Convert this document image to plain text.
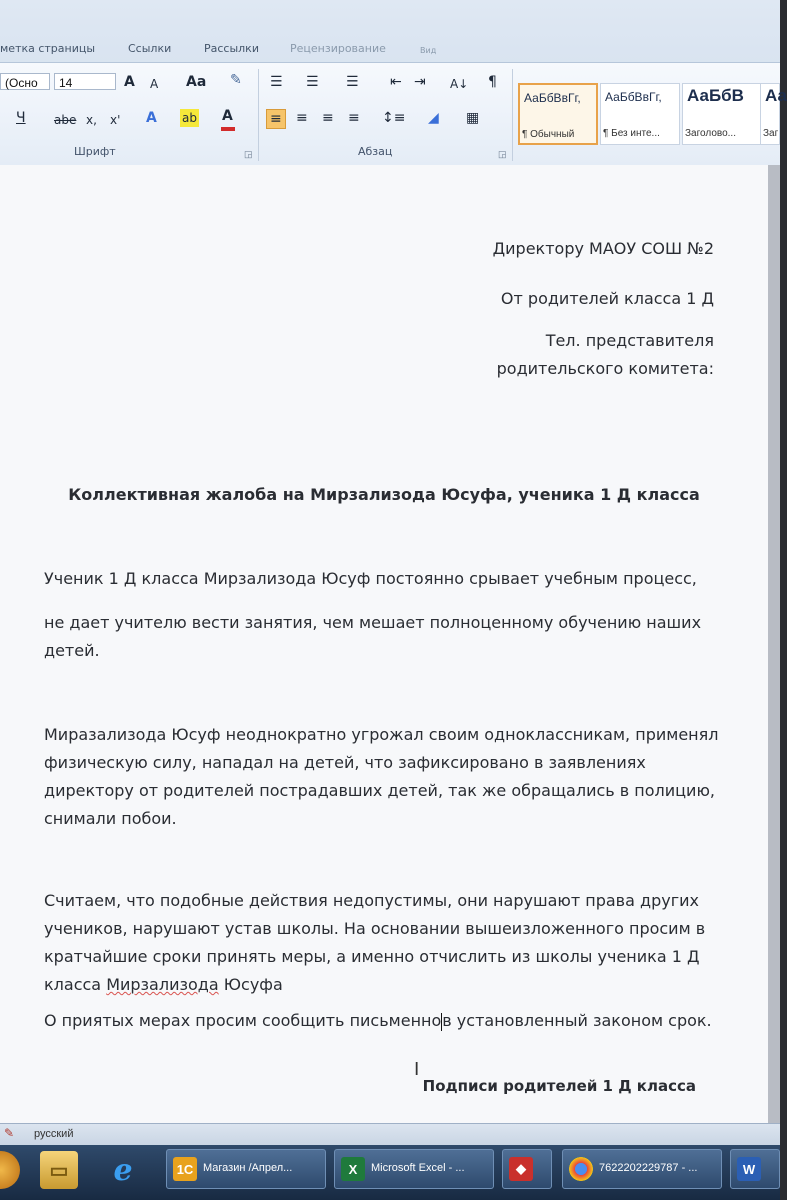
метка страницы	Ссылки	Рассылки	Рецензирование	Вид
(Осно	14	A A Aa ✎
Ч abe x, x' A ab A
Шрифт	◲
☰ ☰ ☰ ⇤ ⇥ A↓ ¶
≡ ≡ ≡ ≡ ↕≡ ◢ ▦
Абзац	◲
АаБбВвГг,
¶ Обычный
АаБбВвГг,
¶ Без инте...
АаБбВ
Заголово...
Аа
Заг
Директору МАОУ СОШ №2
От родителей класса 1 Д
Тел. представителя
родительского комитета:
Коллективная жалоба на Мирзализода Юсуфа, ученика 1 Д класса

Ученик 1 Д класса Мирзализода Юсуф постоянно срывает учебным процесс,

не дает учителю вести занятия, чем мешает полноценному обучению наших детей.

Миразализода Юсуф неоднократно угрожал своим одноклассникам, применял физическую силу, нападал на детей, что зафиксировано в заявлениях директору от родителей пострадавших детей, так же обращались в полицию, снимали побои.

Считаем, что подобные действия недопустимы, они нарушают права других учеников, нарушают устав школы. На основании вышеизложенного просим в кратчайшие сроки принять меры, а именно отчислить из школы ученика 1 Д класса Мирзализода Юсуфа

О приятых мерах просим сообщить письменнов установленный законом срок.

I
Подписи родителей 1 Д класса
✎ русский
▭	e	1С Магазин /Апрел...	X	Microsoft Excel - ...	◆	7622202229787 - ...	W
